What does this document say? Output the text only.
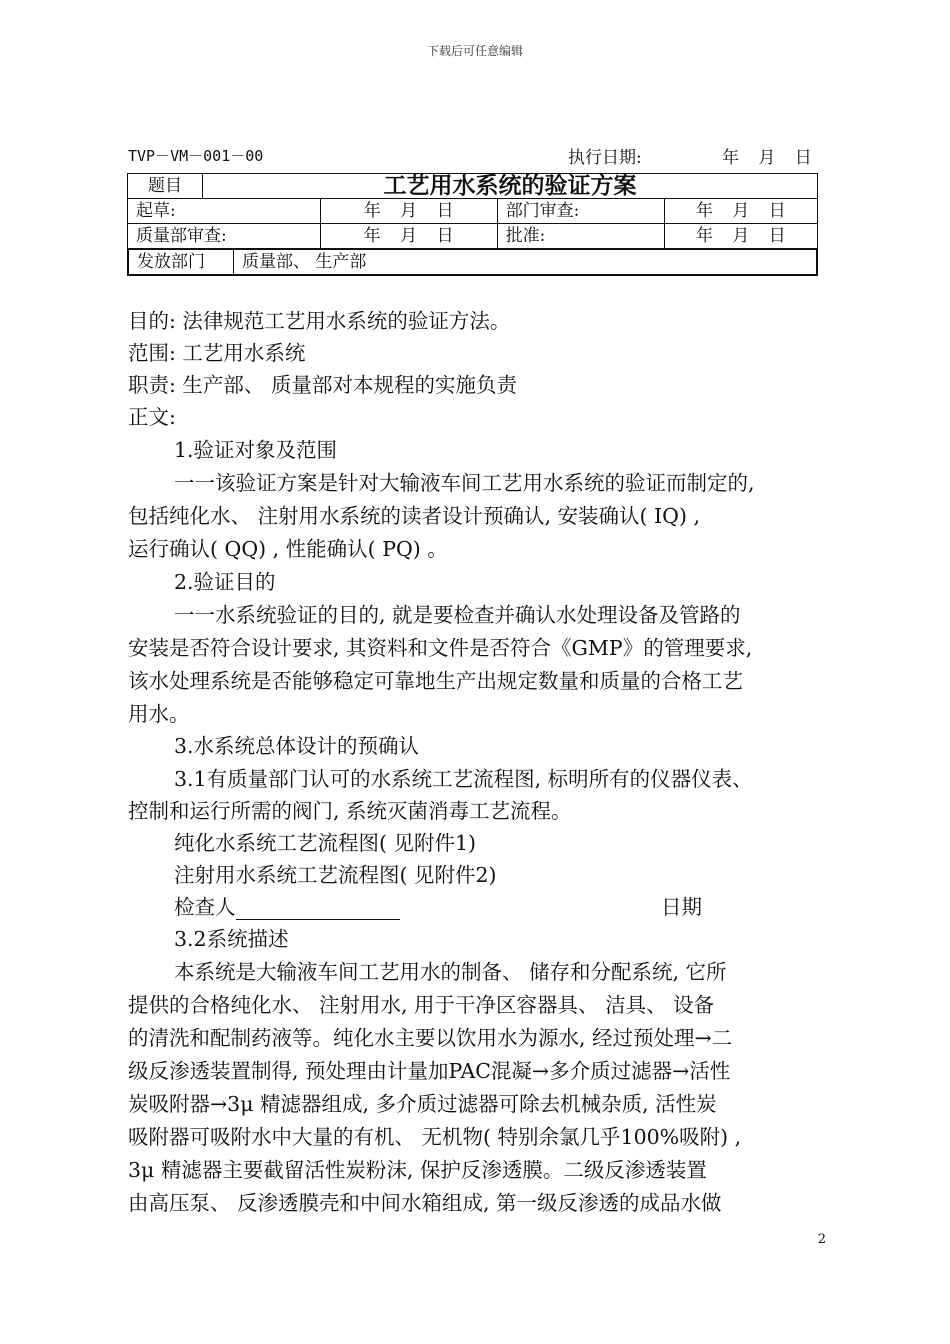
下载后可任意编辑
TVP－VM－001－00	执行日期:	年 月 日
题目	工艺用水系统的验证方案
起草:	年 月 日	部门审查:	年 月 日
质量部审查:	年 月 日	批准:	年 月 日

发放部门	质量部、 生产部
目的: 法律规范工艺用水系统的验证方法。
范围: 工艺用水系统
职责: 生产部、 质量部对本规程的实施负责
正文:
1.验证对象及范围
一一该验证方案是针对大输液车间工艺用水系统的验证而制定的,
包括纯化水、 注射用水系统的读者设计预确认, 安装确认( IQ) ,
运行确认( QQ) , 性能确认( PQ) 。
2.验证目的
一一水系统验证的目的, 就是要检查并确认水处理设备及管路的
安装是否符合设计要求, 其资料和文件是否符合《GMP》的管理要求,
该水处理系统是否能够稳定可靠地生产出规定数量和质量的合格工艺
用水。
3.水系统总体设计的预确认
3.1有质量部门认可的水系统工艺流程图, 标明所有的仪器仪表、
控制和运行所需的阀门, 系统灭菌消毒工艺流程。
纯化水系统工艺流程图( 见附件1)
注射用水系统工艺流程图( 见附件2)
检查人	日期
3.2系统描述
本系统是大输液车间工艺用水的制备、 储存和分配系统, 它所
提供的合格纯化水、 注射用水, 用于干净区容器具、 洁具、 设备
的清洗和配制药液等。纯化水主要以饮用水为源水, 经过预处理→二
级反渗透装置制得, 预处理由计量加PAC混凝→多介质过滤器→活性
炭吸附器→3μ 精滤器组成, 多介质过滤器可除去机械杂质, 活性炭
吸附器可吸附水中大量的有机、 无机物( 特别余氯几乎100%吸附) ,
3μ 精滤器主要截留活性炭粉沫, 保护反渗透膜。二级反渗透装置
由高压泵、 反渗透膜壳和中间水箱组成, 第一级反渗透的成品水做
2
